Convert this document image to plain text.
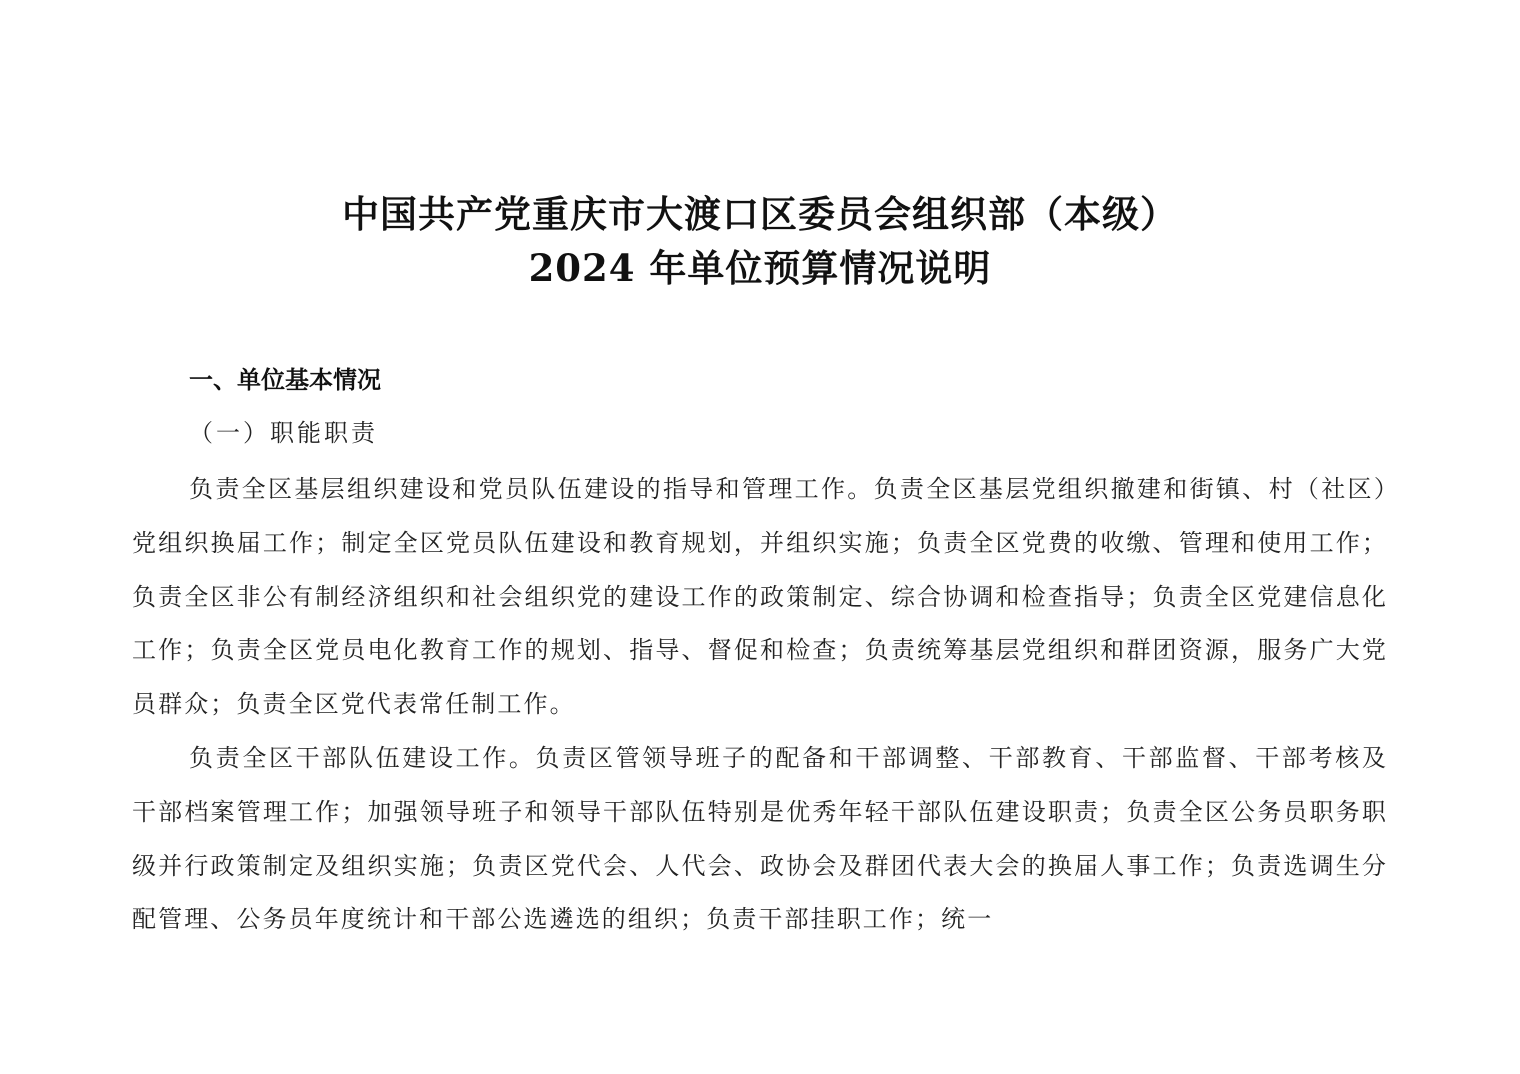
中国共产党重庆市大渡口区委员会组织部（本级）
2024 年单位预算情况说明
一、单位基本情况
（一）职能职责

负责全区基层组织建设和党员队伍建设的指导和管理工作。负责全区基层党组织撤建和街镇、村（社区）党组织换届工作；制定全区党员队伍建设和教育规划，并组织实施；负责全区党费的收缴、管理和使用工作；负责全区非公有制经济组织和社会组织党的建设工作的政策制定、综合协调和检查指导；负责全区党建信息化工作；负责全区党员电化教育工作的规划、指导、督促和检查；负责统筹基层党组织和群团资源，服务广大党员群众；负责全区党代表常任制工作。

负责全区干部队伍建设工作。负责区管领导班子的配备和干部调整、干部教育、干部监督、干部考核及干部档案管理工作；加强领导班子和领导干部队伍特别是优秀年轻干部队伍建设职责；负责全区公务员职务职级并行政策制定及组织实施；负责区党代会、人代会、政协会及群团代表大会的换届人事工作；负责选调生分配管理、公务员年度统计和干部公选遴选的组织；负责干部挂职工作；统一
